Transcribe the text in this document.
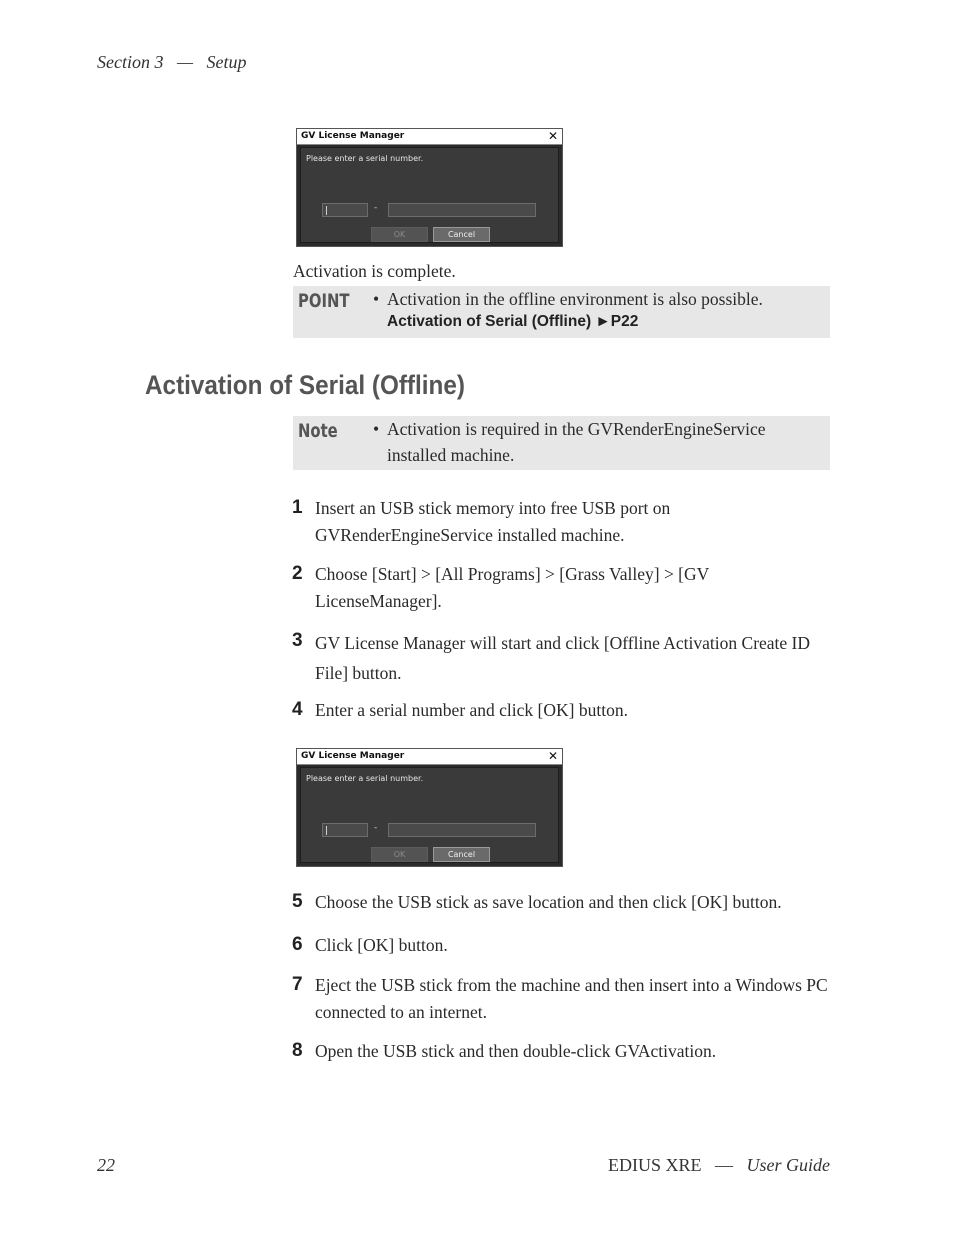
Section 3 — Setup
GV License Manager	✕
Please enter a serial number.
-
OK	Cancel
Activation is complete.
POINT • Activation in the offline environment is also possible.
Activation of Serial (Offline) ►P22
Activation of Serial (Offline)
Note • Activation is required in the GVRenderEngineService
installed machine.
1 Insert an USB stick memory into free USB port on GVRenderEngineService installed machine.
2 Choose [Start] > [All Programs] > [Grass Valley] > [GV LicenseManager].
3 GV License Manager will start and click [Offline Activation Create ID File] button.
4 Enter a serial number and click [OK] button.
GV License Manager	✕
Please enter a serial number.
-
OK	Cancel
5 Choose the USB stick as save location and then click [OK] button.
6 Click [OK] button.
7 Eject the USB stick from the machine and then insert into a Windows PC connected to an internet.
8 Open the USB stick and then double-click GVActivation.
22	EDIUS XRE — User Guide
